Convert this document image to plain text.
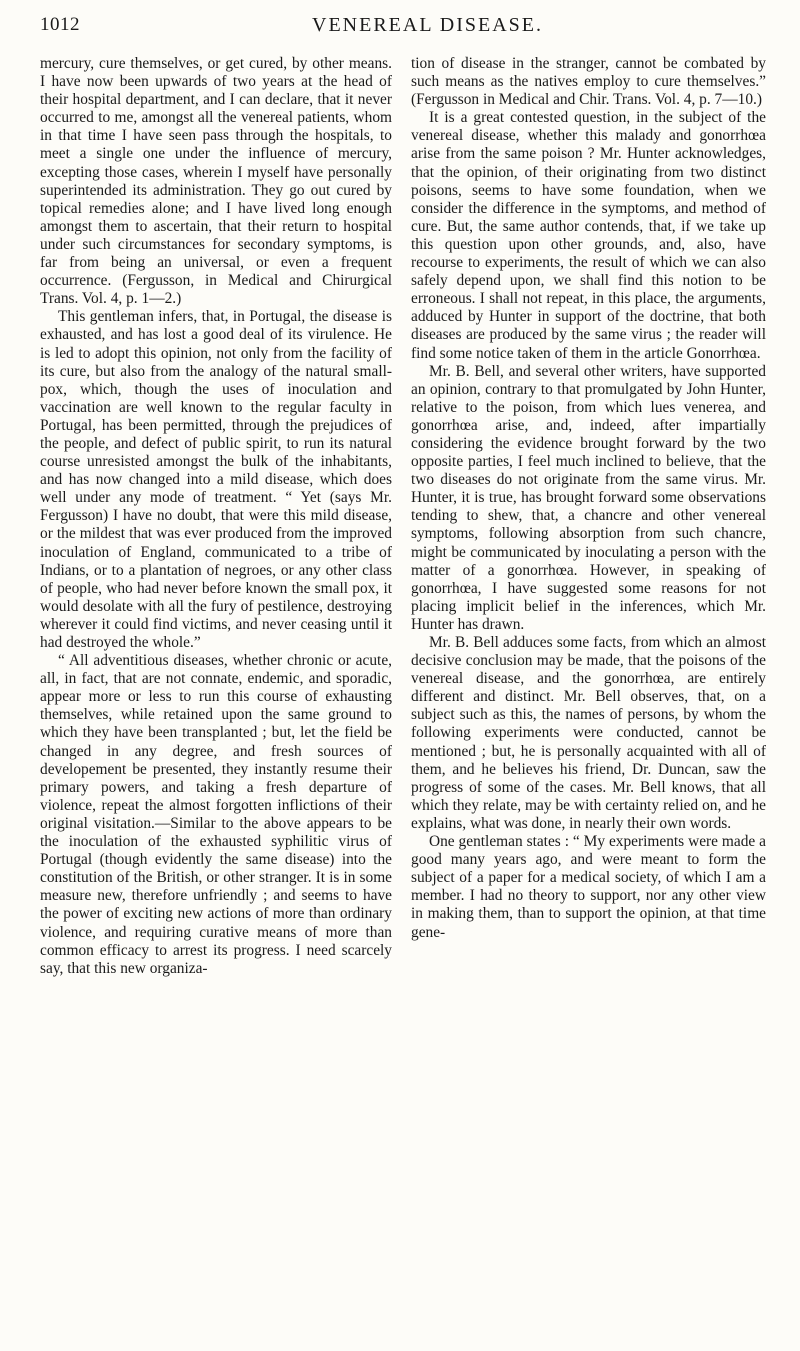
1012	VENEREAL DISEASE.

mercury, cure themselves, or get cured, by other means. I have now been upwards of two years at the head of their hospital department, and I can declare, that it never occurred to me, amongst all the venereal patients, whom in that time I have seen pass through the hospitals, to meet a single one under the influence of mercury, excepting those cases, wherein I myself have personally superintended its administration. They go out cured by topical remedies alone; and I have lived long enough amongst them to ascertain, that their return to hospital under such circumstances for secondary symptoms, is far from being an universal, or even a frequent occurrence. (Fergusson, in Medical and Chirurgical Trans. Vol. 4, p. 1—2.)

This gentleman infers, that, in Portugal, the disease is exhausted, and has lost a good deal of its virulence. He is led to adopt this opinion, not only from the facility of its cure, but also from the analogy of the natural small-pox, which, though the uses of inoculation and vaccination are well known to the regular faculty in Portugal, has been permitted, through the prejudices of the people, and defect of public spirit, to run its natural course unresisted amongst the bulk of the inhabitants, and has now changed into a mild disease, which does well under any mode of treatment. “ Yet (says Mr. Fergusson) I have no doubt, that were this mild disease, or the mildest that was ever produced from the improved inoculation of England, communicated to a tribe of Indians, or to a plantation of negroes, or any other class of people, who had never before known the small pox, it would desolate with all the fury of pestilence, destroying wherever it could find victims, and never ceasing until it had destroyed the whole.”

“ All adventitious diseases, whether chronic or acute, all, in fact, that are not connate, endemic, and sporadic, appear more or less to run this course of exhausting themselves, while retained upon the same ground to which they have been transplanted ; but, let the field be changed in any degree, and fresh sources of developement be presented, they instantly resume their primary powers, and taking a fresh departure of violence, repeat the almost forgotten inflictions of their original visitation.—Similar to the above appears to be the inoculation of the exhausted syphilitic virus of Portugal (though evidently the same disease) into the constitution of the British, or other stranger. It is in some measure new, therefore unfriendly ; and seems to have the power of exciting new actions of more than ordinary violence, and requiring curative means of more than common efficacy to arrest its progress. I need scarcely say, that this new organiza-

tion of disease in the stranger, cannot be combated by such means as the natives employ to cure themselves.” (Fergusson in Medical and Chir. Trans. Vol. 4, p. 7—10.)

It is a great contested question, in the subject of the venereal disease, whether this malady and gonorrhœa arise from the same poison ? Mr. Hunter acknowledges, that the opinion, of their originating from two distinct poisons, seems to have some foundation, when we consider the difference in the symptoms, and method of cure. But, the same author contends, that, if we take up this question upon other grounds, and, also, have recourse to experiments, the result of which we can also safely depend upon, we shall find this notion to be erroneous. I shall not repeat, in this place, the arguments, adduced by Hunter in support of the doctrine, that both diseases are produced by the same virus ; the reader will find some notice taken of them in the article Gonorrhœa.

Mr. B. Bell, and several other writers, have supported an opinion, contrary to that promulgated by John Hunter, relative to the poison, from which lues venerea, and gonorrhœa arise, and, indeed, after impartially considering the evidence brought forward by the two opposite parties, I feel much inclined to believe, that the two diseases do not originate from the same virus. Mr. Hunter, it is true, has brought forward some observations tending to shew, that, a chancre and other venereal symptoms, following absorption from such chancre, might be communicated by inoculating a person with the matter of a gonorrhœa. However, in speaking of gonorrhœa, I have suggested some reasons for not placing implicit belief in the inferences, which Mr. Hunter has drawn.

Mr. B. Bell adduces some facts, from which an almost decisive conclusion may be made, that the poisons of the venereal disease, and the gonorrhœa, are entirely different and distinct. Mr. Bell observes, that, on a subject such as this, the names of persons, by whom the following experiments were conducted, cannot be mentioned ; but, he is personally acquainted with all of them, and he believes his friend, Dr. Duncan, saw the progress of some of the cases. Mr. Bell knows, that all which they relate, may be with certainty relied on, and he explains, what was done, in nearly their own words.

One gentleman states : “ My experiments were made a good many years ago, and were meant to form the subject of a paper for a medical society, of which I am a member. I had no theory to support, nor any other view in making them, than to support the opinion, at that time gene-
